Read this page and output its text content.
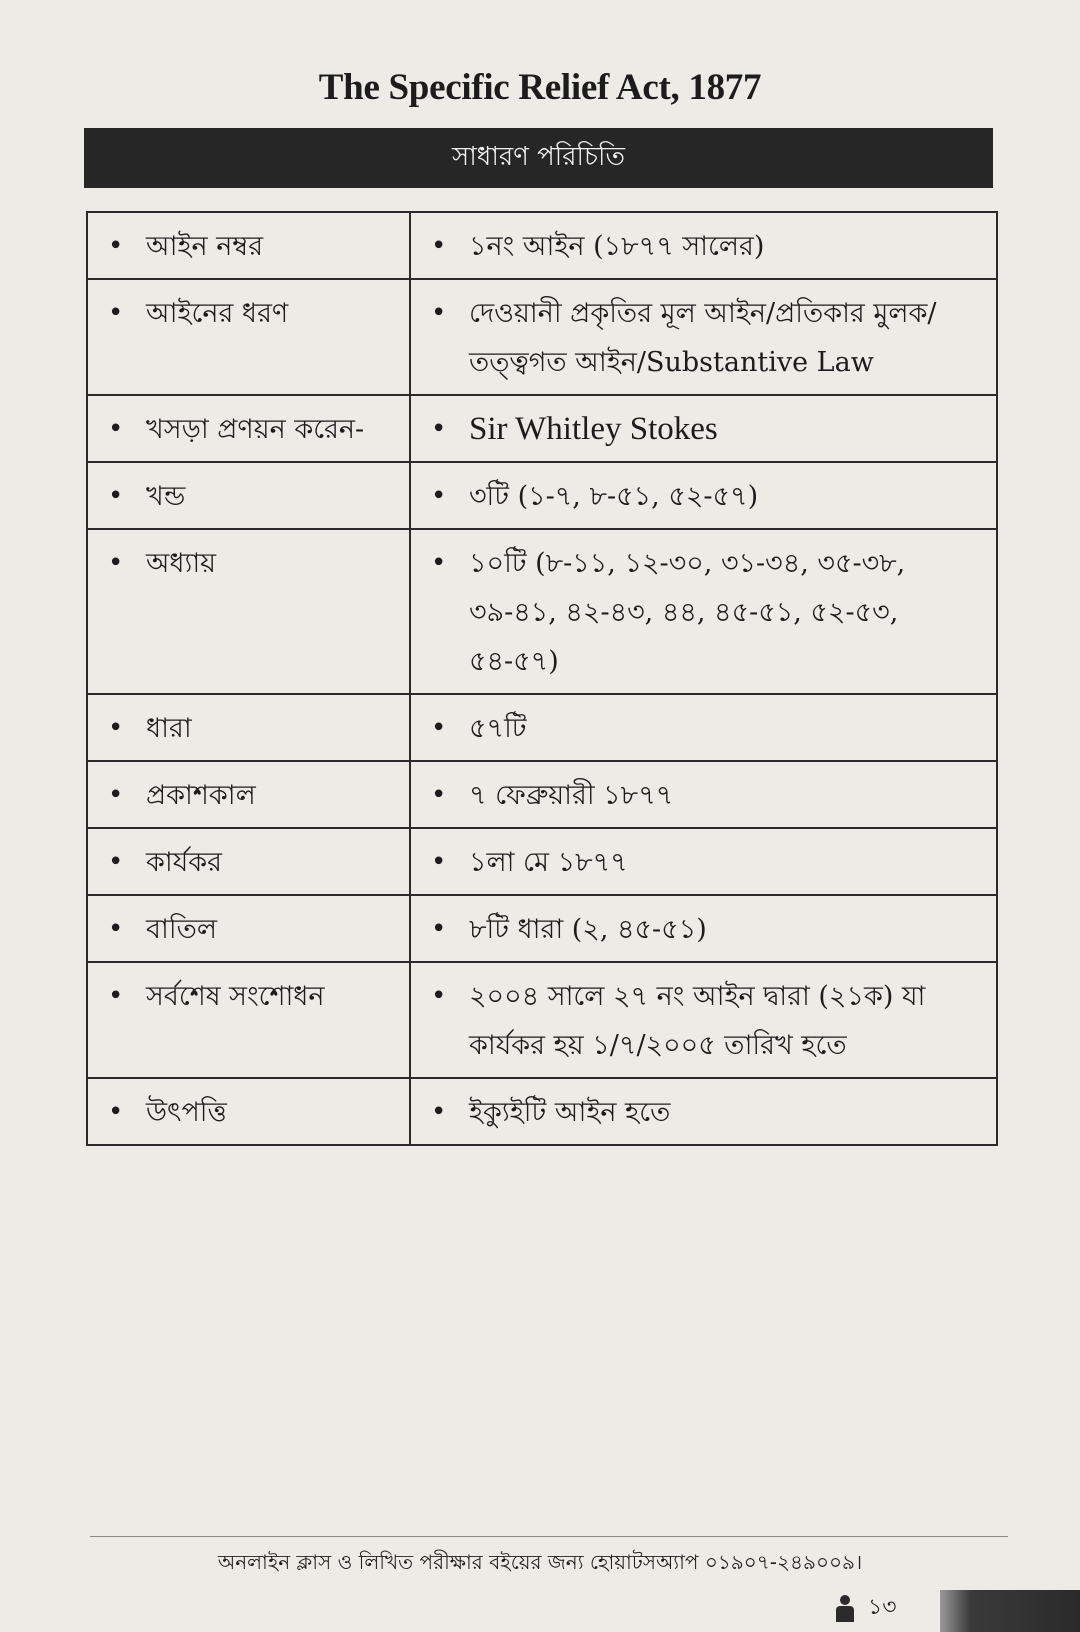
The Specific Relief Act, 1877
সাধারণ পরিচিতি
• আইন নম্বর	• ১নং আইন (১৮৭৭ সালের)

• আইনের ধরণ	• দেওয়ানী প্রকৃতির মূল আইন/প্রতিকার মুলক/তত্ত্বগত আইন/Substantive Law

• খসড়া প্রণয়ন করেন-	• Sir Whitley Stokes

• খন্ড	• ৩টি (১-৭, ৮-৫১, ৫২-৫৭)

• অধ্যায়	• ১০টি (৮-১১, ১২-৩০, ৩১-৩৪, ৩৫-৩৮, ৩৯-৪১, ৪২-৪৩, ৪৪, ৪৫-৫১, ৫২-৫৩, ৫৪-৫৭)

• ধারা	• ৫৭টি

• প্রকাশকাল	• ৭ ফেব্রুয়ারী ১৮৭৭

• কার্যকর	• ১লা মে ১৮৭৭

• বাতিল	• ৮টি ধারা (২, ৪৫-৫১)

• সর্বশেষ সংশোধন	• ২০০৪ সালে ২৭ নং আইন দ্বারা (২১ক) যা কার্যকর হয় ১/৭/২০০৫ তারিখ হতে

• উৎপত্তি	• ইক্যুইটি আইন হতে
অনলাইন ক্লাস ও লিখিত পরীক্ষার বইয়ের জন্য হোয়াটসঅ্যাপ ০১৯০৭-২৪৯০০৯।
১৩
